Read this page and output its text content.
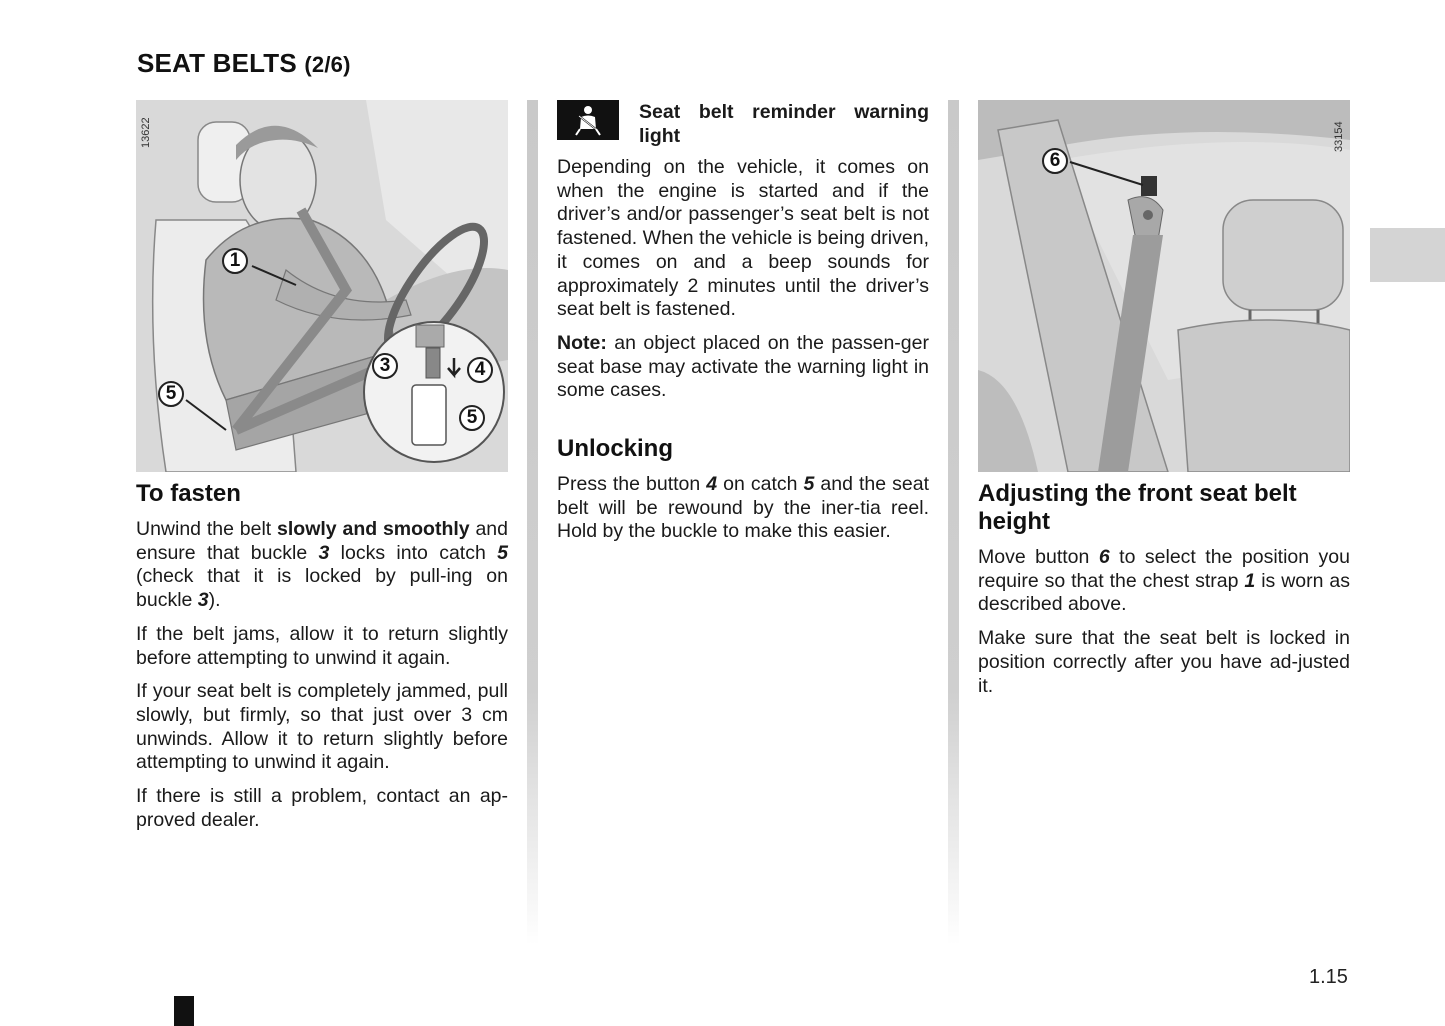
SEAT BELTS (2/6)
13622
1
3	4
5
5
To fasten

Unwind the belt slowly and smoothly and ensure that buckle 3 locks into catch 5 (check that it is locked by pull-ing on buckle 3).

If the belt jams, allow it to return slightly before attempting to unwind it again.

If your seat belt is completely jammed, pull slowly, but firmly, so that just over 3 cm unwinds. Allow it to return slightly before attempting to unwind it again.

If there is still a problem, contact an ap-proved dealer.

Seat belt reminder warning light

Depending on the vehicle, it comes on when the engine is started and if the driver’s and/or passenger’s seat belt is not fastened. When the vehicle is being driven, it comes on and a beep sounds for approximately 2 minutes until the driver’s seat belt is fastened.

Note: an object placed on the passen-ger seat base may activate the warning light in some cases.

Unlocking

Press the button 4 on catch 5 and the seat belt will be rewound by the iner-tia reel. Hold by the buckle to make this easier.

33154
6
Adjusting the front seat belt height

Move button 6 to select the position you require so that the chest strap 1 is worn as described above.

Make sure that the seat belt is locked in position correctly after you have ad-justed it.

1.15
